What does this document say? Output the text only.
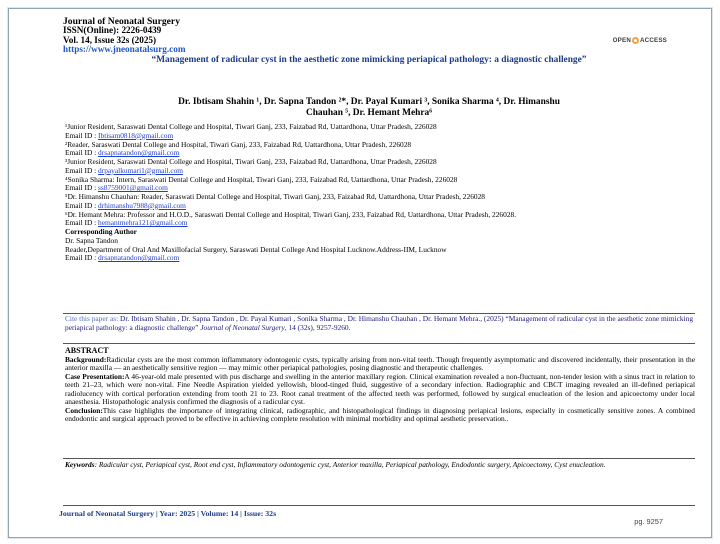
Journal of Neonatal Surgery
ISSN(Online): 2226-0439
Vol. 14, Issue 32s (2025)
https://www.jneonatalsurg.com
OPEN ACCESS
“Management of radicular cyst in the aesthetic zone mimicking periapical pathology: a diagnostic challenge”
Dr. Ibtisam Shahin ¹, Dr. Sapna Tandon ²*, Dr. Payal Kumari ³, Sonika Sharma ⁴, Dr. Himanshu
Chauhan ⁵, Dr. Hemant Mehra⁶

¹Junior Resident, Saraswati Dental College and Hospital, Tiwari Ganj, 233, Faizabad Rd, Uattardhona, Uttar Pradesh, 226028

Email ID : Ibtisam0818@gmail.com

²Reader, Saraswati Dental College and Hospital, Tiwari Ganj, 233, Faizabad Rd, Uattardhona, Uttar Pradesh, 226028

Email ID : drsapnatandon@gmail.com

³Junior Resident, Saraswati Dental College and Hospital, Tiwari Ganj, 233, Faizabad Rd, Uattardhona, Uttar Pradesh, 226028

Email ID : drpayalkumari1@gmail.com

⁴Sonika Sharma: Intern, Saraswati Dental College and Hospital, Tiwari Ganj, 233, Faizabad Rd, Uattardhona, Uttar Pradesh, 226028

Email ID : ss8759001@gmail.com

⁵Dr. Himanshu Chauhan: Reader, Saraswati Dental College and Hospital, Tiwari Ganj, 233, Faizabad Rd, Uattardhona, Uttar Pradesh, 226028

Email ID : drhimanshu7988@gmail.com

⁶Dr. Hemant Mehra: Professor and H.O.D., Saraswati Dental College and Hospital, Tiwari Ganj, 233, Faizabad Rd, Uattardhona, Uttar Pradesh, 226028.

Email ID : hemantmehra121@gmail.com

Corresponding Author

Dr. Sapna Tandon

Reader,Department of Oral And Maxillofacial Surgery, Saraswati Dental College And Hospital Lucknow.Address-IIM, Lucknow

Email ID : drsapnatandon@gmail.com

Cite this paper as: Dr. Ibtisam Shahin , Dr. Sapna Tandon , Dr. Payal Kumari , Sonika Sharma , Dr. Himanshu Chauhan , Dr. Hemant Mehra., (2025) “Management of radicular cyst in the aesthetic zone mimicking periapical pathology: a diagnostic challenge” Journal of Neonatal Surgery, 14 (32s), 9257-9260.

ABSTRACT

Background:Radicular cysts are the most common inflammatory odontogenic cysts, typically arising from non-vital teeth. Though frequently asymptomatic and discovered incidentally, their presentation in the anterior maxilla — an aesthetically sensitive region — may mimic other periapical pathologies, posing diagnostic and therapeutic challenges.

Case Presentation:A 46-year-old male presented with pus discharge and swelling in the anterior maxillary region. Clinical examination revealed a non-fluctuant, non-tender lesion with a sinus tract in relation to teeth 21–23, which were non-vital. Fine Needle Aspiration yielded yellowish, blood-tinged fluid, suggestive of a secondary infection. Radiographic and CBCT imaging revealed an ill-defined periapical radiolucency with cortical perforation extending from tooth 21 to 23. Root canal treatment of the affected teeth was performed, followed by surgical enucleation of the lesion and apicoectomy under local anaesthesia. Histopathologic analysis confirmed the diagnosis of a radicular cyst.

Conclusion:This case highlights the importance of integrating clinical, radiographic, and histopathological findings in diagnosing periapical lesions, especially in cosmetically sensitive zones. A combined endodontic and surgical approach proved to be effective in achieving complete resolution with minimal morbidity and optimal aesthetic preservation..

Keywords: Radicular cyst, Periapical cyst, Root end cyst, Inflammatory odontogenic cyst, Anterior maxilla, Periapical pathology, Endodontic surgery, Apicoectomy, Cyst enucleation.
Journal of Neonatal Surgery | Year: 2025 | Volume: 14 | Issue: 32s
pg. 9257
